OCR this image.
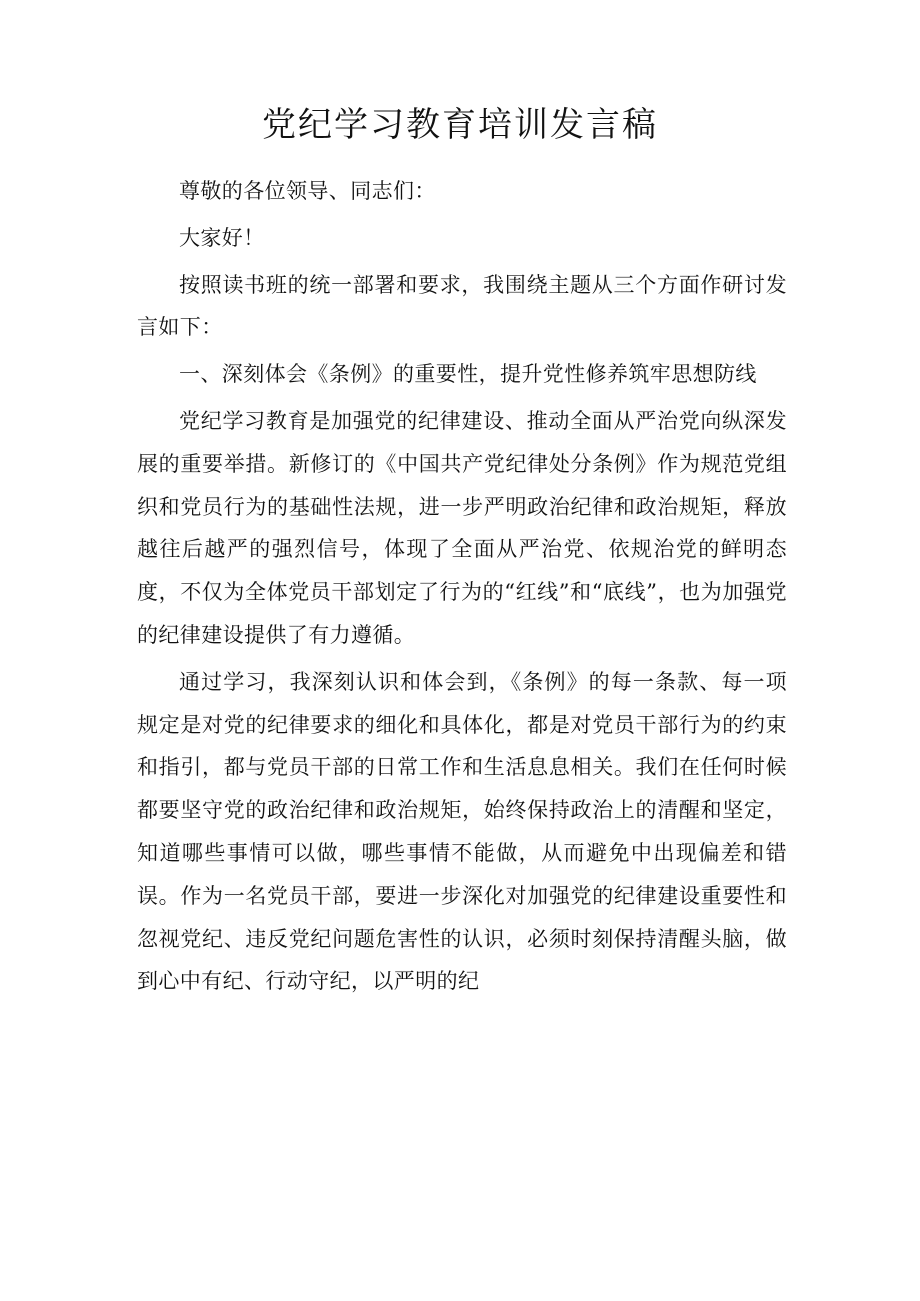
党纪学习教育培训发言稿

尊敬的各位领导、同志们：

大家好！

按照读书班的统一部署和要求，我围绕主题从三个方面作研讨发言如下：

一、深刻体会《条例》的重要性，提升党性修养筑牢思想防线

党纪学习教育是加强党的纪律建设、推动全面从严治党向纵深发展的重要举措。新修订的《中国共产党纪律处分条例》作为规范党组织和党员行为的基础性法规，进一步严明政治纪律和政治规矩，释放越往后越严的强烈信号，体现了全面从严治党、依规治党的鲜明态度，不仅为全体党员干部划定了行为的“红线”和“底线”，也为加强党的纪律建设提供了有力遵循。

通过学习，我深刻认识和体会到，《条例》的每一条款、每一项规定是对党的纪律要求的细化和具体化，都是对党员干部行为的约束和指引，都与党员干部的日常工作和生活息息相关。我们在任何时候都要坚守党的政治纪律和政治规矩，始终保持政治上的清醒和坚定，知道哪些事情可以做，哪些事情不能做，从而避免中出现偏差和错误。作为一名党员干部，要进一步深化对加强党的纪律建设重要性和忽视党纪、违反党纪问题危害性的认识，必须时刻保持清醒头脑，做到心中有纪、行动守纪，以严明的纪
